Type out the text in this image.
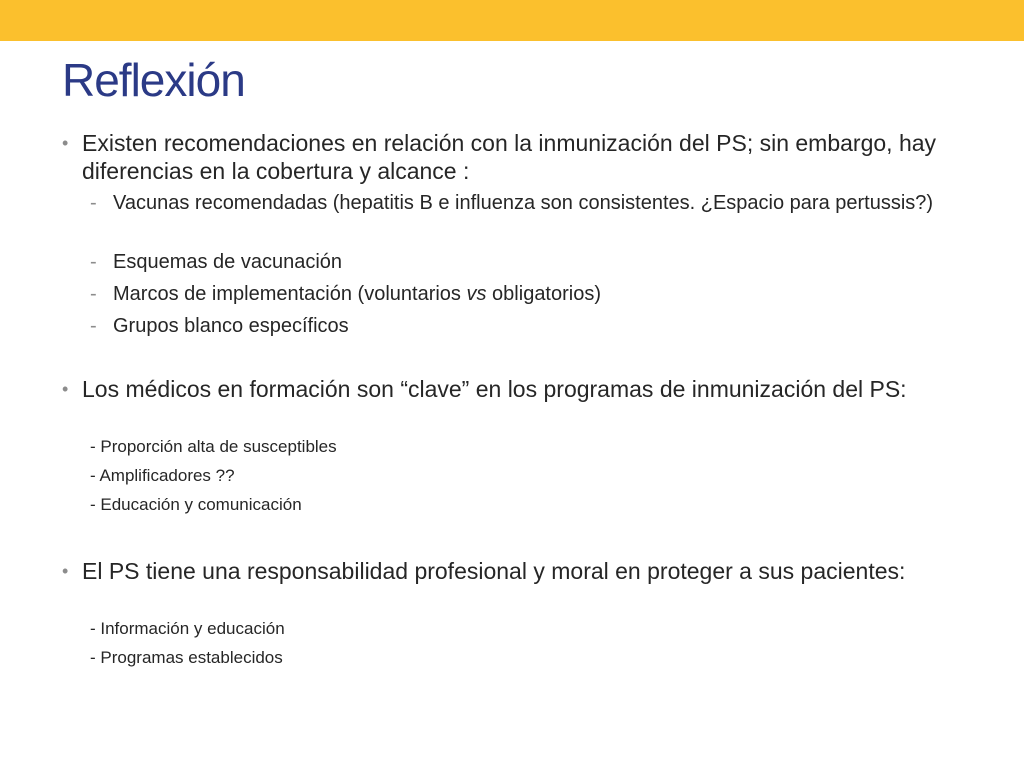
Reflexión
• Existen recomendaciones en relación con la inmunización del PS; sin embargo, hay diferencias en la cobertura y alcance :
- Vacunas recomendadas (hepatitis B e influenza son consistentes. ¿Espacio para pertussis?)
- Esquemas de vacunación
- Marcos de implementación (voluntarios vs obligatorios)
- Grupos blanco específicos
• Los médicos en formación son “clave” en los programas de inmunización del PS:
- Proporción alta de susceptibles
- Amplificadores ??
- Educación y comunicación
• El PS tiene una responsabilidad profesional y moral en proteger a sus pacientes:
- Información y educación
- Programas establecidos
